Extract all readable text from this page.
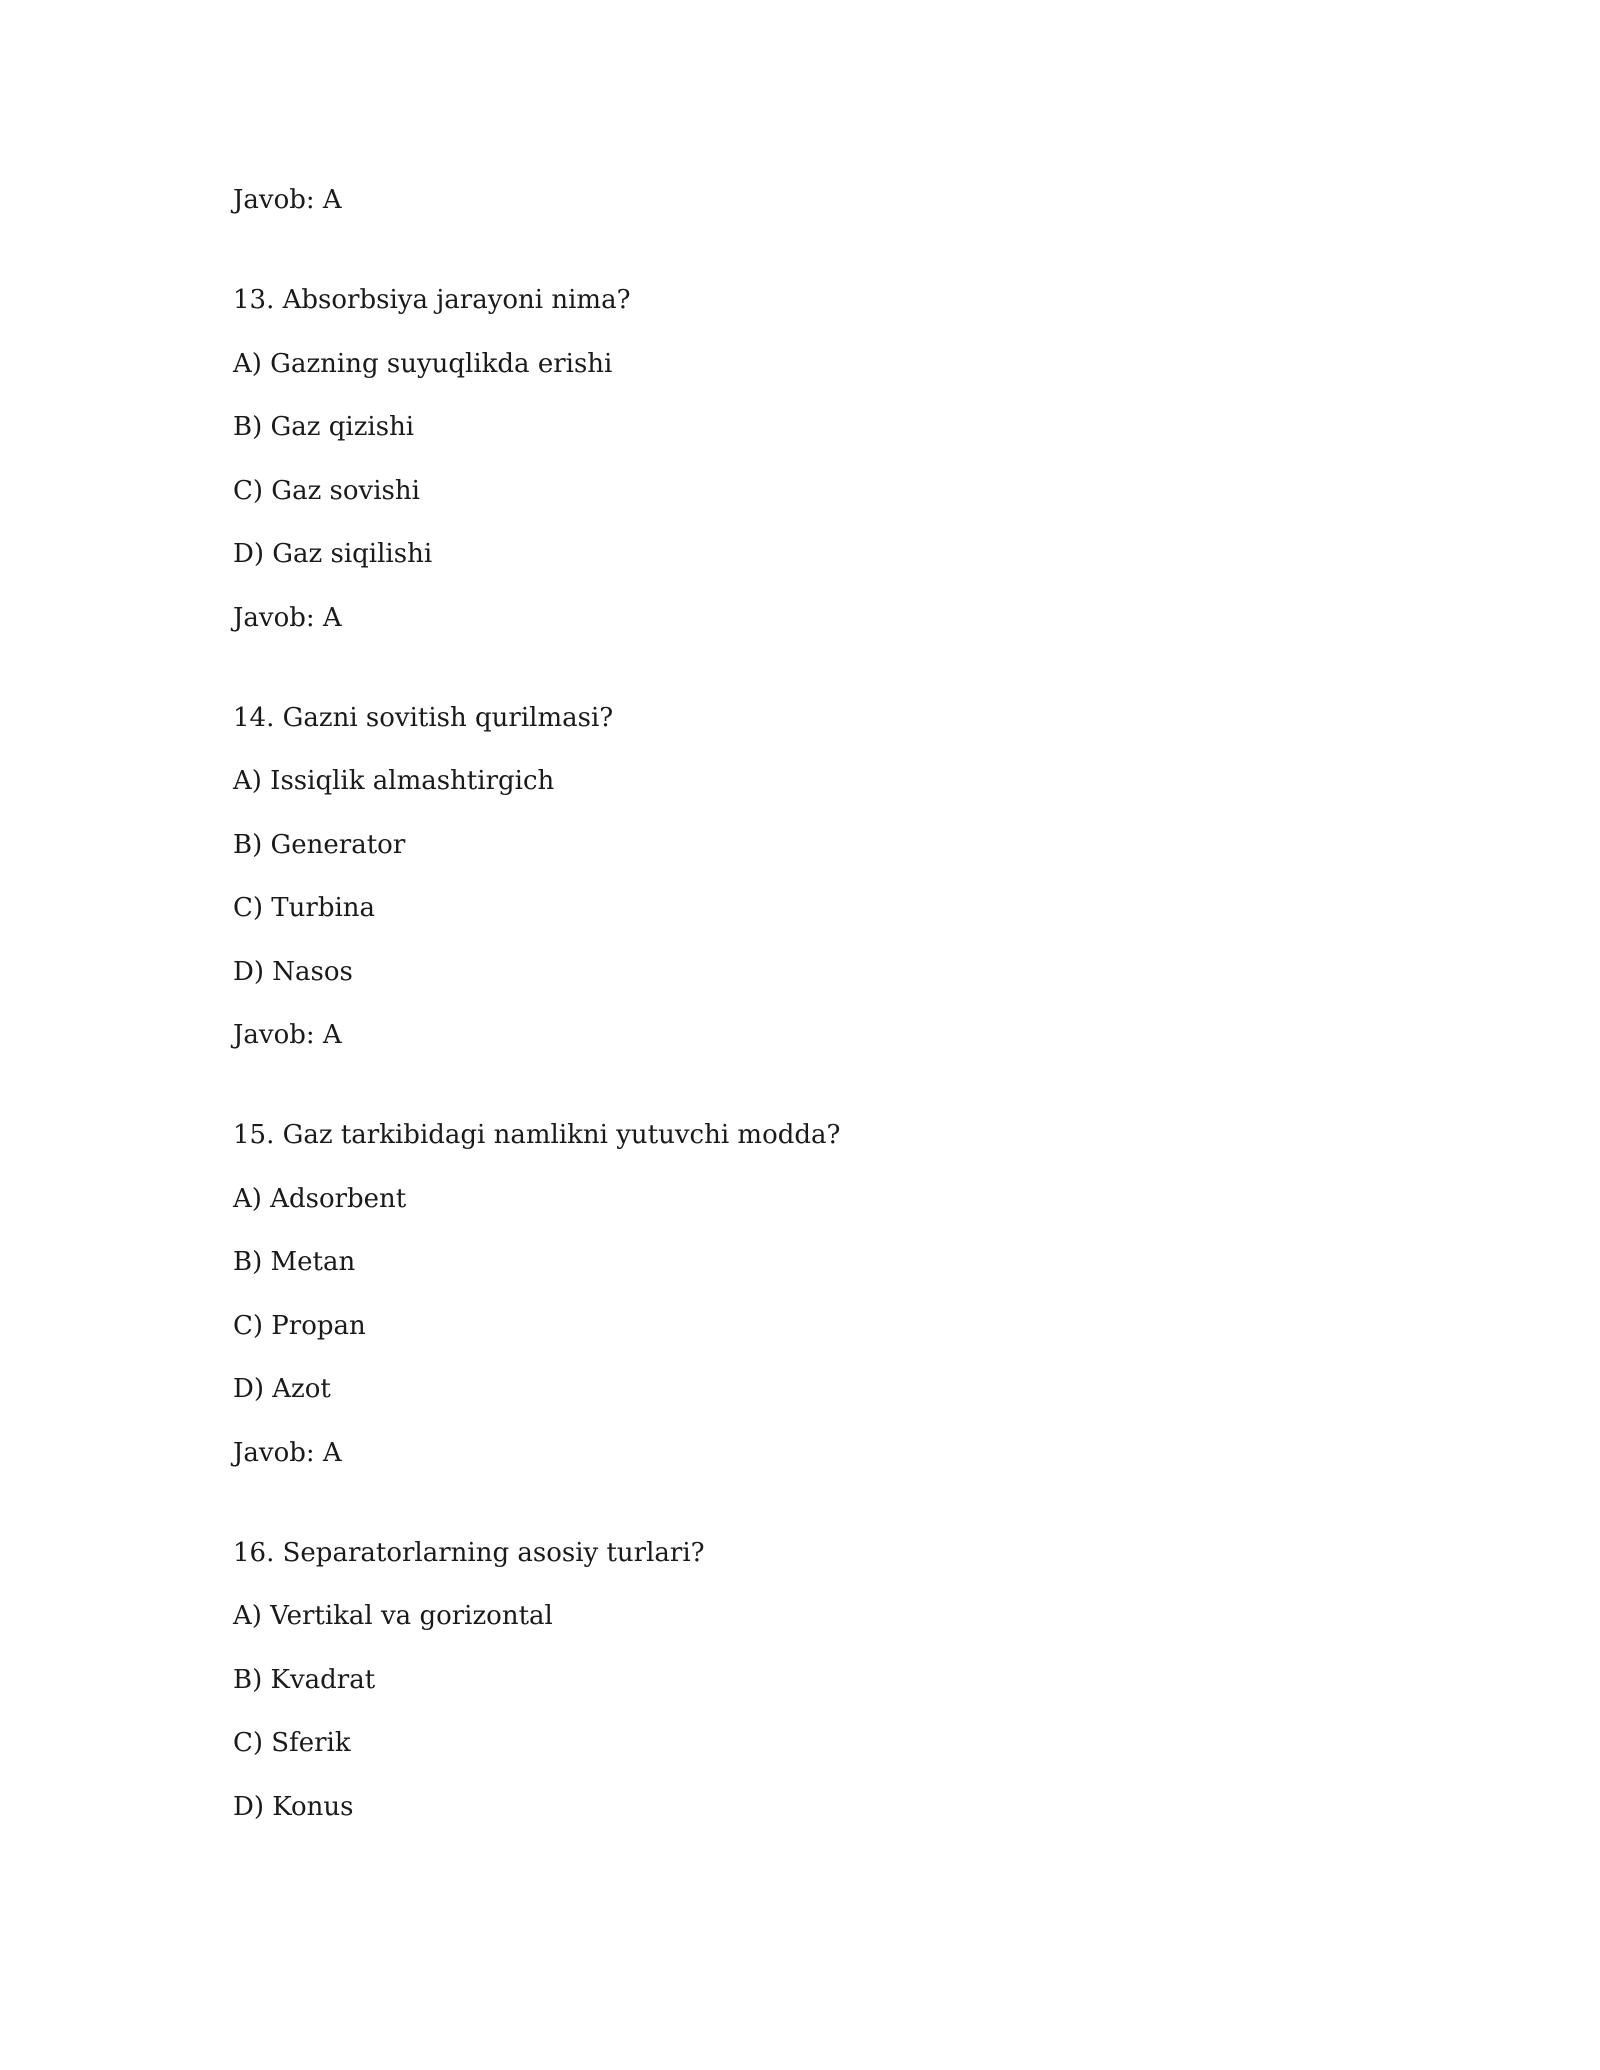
Javob: A
13. Absorbsiya jarayoni nima?
A) Gazning suyuqlikda erishi
B) Gaz qizishi
C) Gaz sovishi
D) Gaz siqilishi
Javob: A
14. Gazni sovitish qurilmasi?
A) Issiqlik almashtirgich
B) Generator
C) Turbina
D) Nasos
Javob: A
15. Gaz tarkibidagi namlikni yutuvchi modda?
A) Adsorbent
B) Metan
C) Propan
D) Azot
Javob: A
16. Separatorlarning asosiy turlari?
A) Vertikal va gorizontal
B) Kvadrat
C) Sferik
D) Konus
